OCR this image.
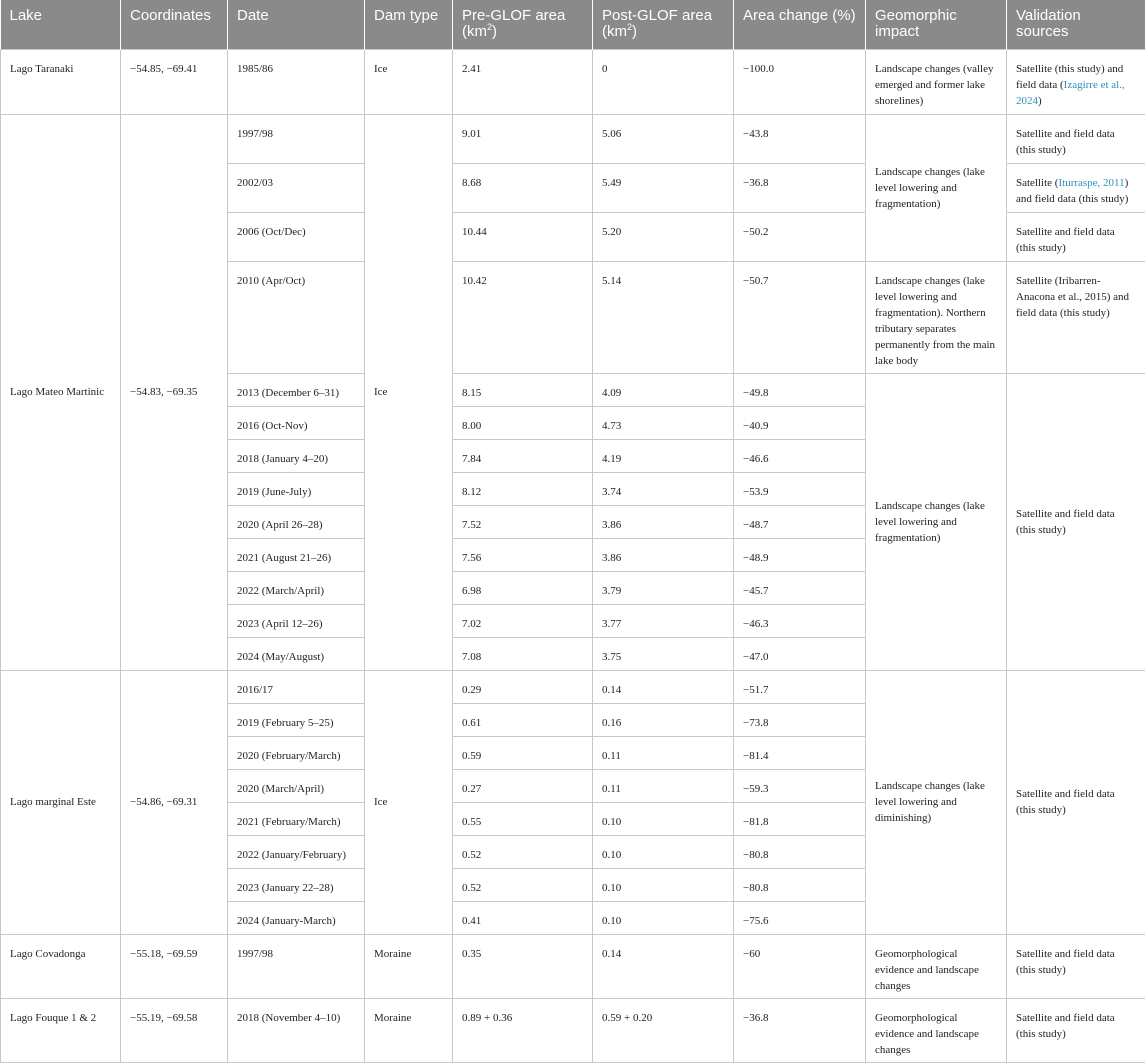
Lake	Coordinates	Date	Dam type	Pre-GLOF area $(km^2)$	Post-GLOF area $(km^2)$	Area change (%)	Geomorphic impact	Validation sources
Lago Taranaki	−54.85, −69.41	1985/86	Ice	2.41	0	−100.0	Landscape changes (valley emerged and former lake shorelines)	Satellite (this study) and field data (Izagirre et al., 2024)
Lago Mateo Martinic	−54.83, −69.35	1997/98	Ice	9.01	5.06	−43.8	Landscape changes (lake level lowering and fragmentation)	Satellite and field data (this study)
		2002/03		8.68	5.49	−36.8		Satellite (Iturraspe, 2011) and field data (this study)
		2006 (Oct/Dec)		10.44	5.20	−50.2		Satellite and field data (this study)
		2010 (Apr/Oct)		10.42	5.14	−50.7	Landscape changes (lake level lowering and fragmentation). Northern tributary separates permanently from the main lake body	Satellite (Iribarren-Anacona et al., 2015) and field data (this study)
		2013 (December 6–31)		8.15	4.09	−49.8	Landscape changes (lake level lowering and fragmentation)	Satellite and field data (this study)
		2016 (Oct-Nov)		8.00	4.73	−40.9		
		2018 (January 4–20)		7.84	4.19	−46.6		
		2019 (June-July)		8.12	3.74	−53.9		
		2020 (April 26–28)		7.52	3.86	−48.7		
		2021 (August 21–26)		7.56	3.86	−48.9		
		2022 (March/April)		6.98	3.79	−45.7		
		2023 (April 12–26)		7.02	3.77	−46.3		
		2024 (May/August)		7.08	3.75	−47.0		
Lago marginal Este	−54.86, −69.31	2016/17	Ice	0.29	0.14	−51.7	Landscape changes (lake level lowering and diminishing)	Satellite and field data (this study)
		2019 (February 5–25)		0.61	0.16	−73.8		
		2020 (February/March)		0.59	0.11	−81.4		
		2020 (March/April)		0.27	0.11	−59.3		
		2021 (February/March)		0.55	0.10	−81.8		
		2022 (January/February)		0.52	0.10	−80.8		
		2023 (January 22–28)		0.52	0.10	−80.8		
		2024 (January-March)		0.41	0.10	−75.6		
Lago Covadonga	−55.18, −69.59	1997/98	Moraine	0.35	0.14	−60	Geomorphological evidence and landscape changes	Satellite and field data (this study)
Lago Fouque 1 & 2	−55.19, −69.58	2018 (November 4–10)	Moraine	0.89 + 0.36	0.59 + 0.20	−36.8	Geomorphological evidence and landscape changes	Satellite and field data (this study)
